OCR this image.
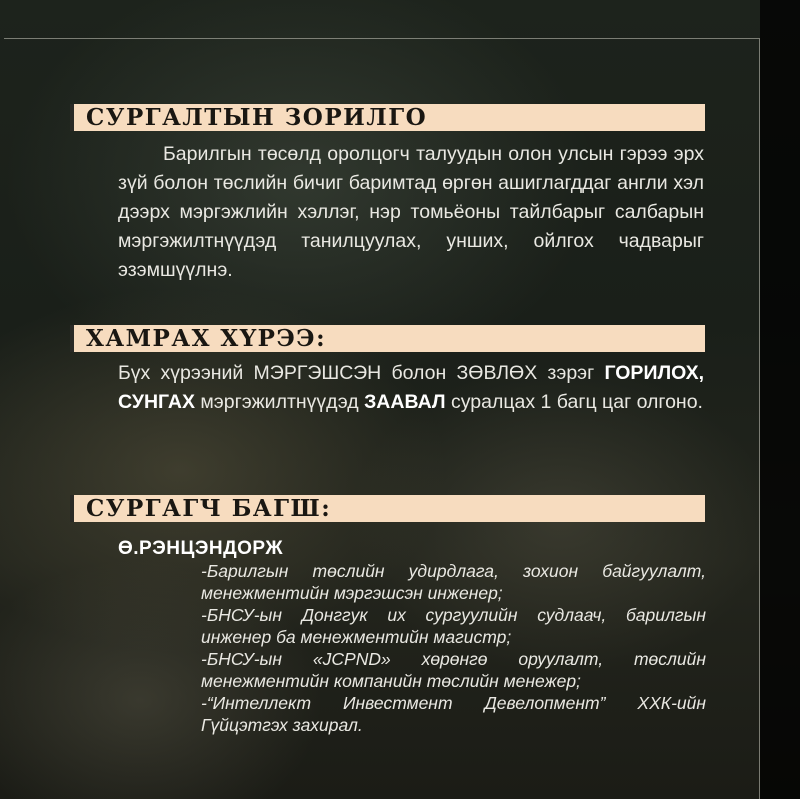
СУРГАЛТЫН ЗОРИЛГО

Барилгын төсөлд оролцогч талуудын олон улсын гэрээ эрх зүй болон төслийн бичиг баримтад өргөн ашиглагддаг англи хэл дээрх мэргэжлийн хэллэг, нэр томьёоны тайлбарыг салбарын мэргэжилтнүүдэд танилцуулах, унших, ойлгох чадварыг эзэмшүүлнэ.

ХАМРАХ ХҮРЭЭ:

Бүх хүрээний МЭРГЭШСЭН болон ЗӨВЛӨХ зэрэг ГОРИЛОХ, СУНГАХ мэргэжилтнүүдэд ЗААВАЛ суралцах 1 багц цаг олгоно.

СУРГАГЧ БАГШ:
Ө.РЭНЦЭНДОРЖ
-Барилгын төслийн удирдлага, зохион байгуулалт, менежментийн мэргэшсэн инженер;
-БНСУ-ын Донггук их сургуулийн судлаач, барилгын инженер ба менежментийн магистр;
-БНСУ-ын «JCPND» хөрөнгө оруулалт, төслийн менежментийн компанийн төслийн менежер;
-“Интеллект Инвестмент Девелопмент” ХХК-ийн Гүйцэтгэх захирал.
